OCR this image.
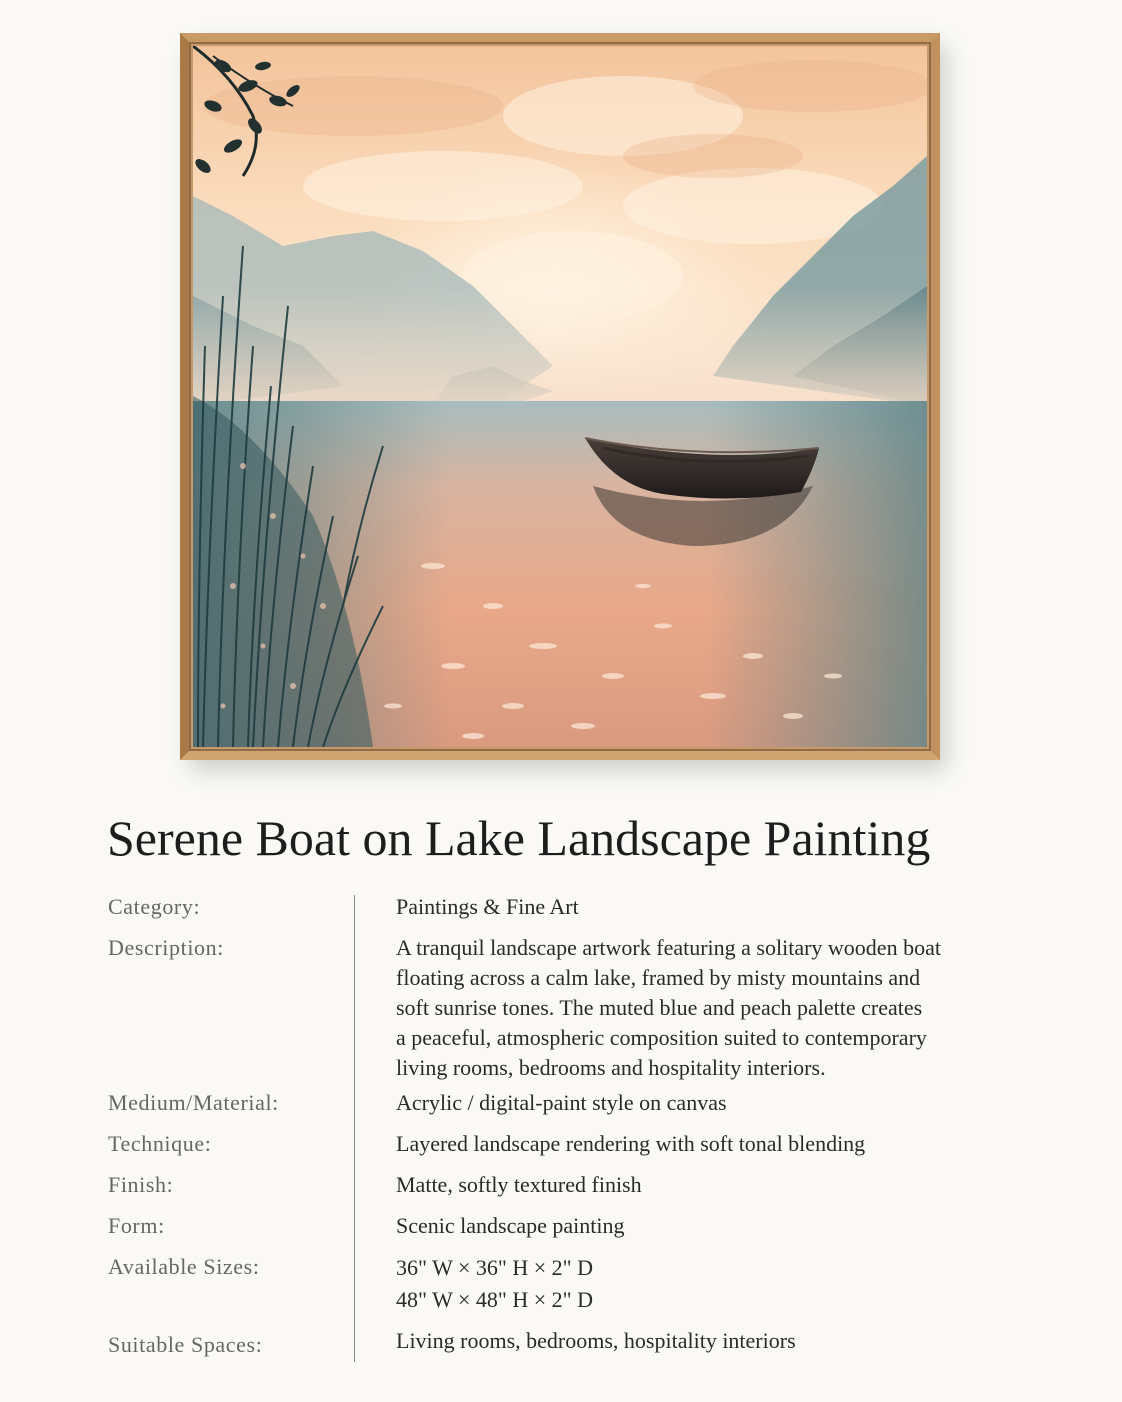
Serene Boat on Lake Landscape Painting
Category:	Paintings & Fine Art
Description:	A tranquil landscape artwork featuring a solitary wooden boat
floating across a calm lake, framed by misty mountains and
soft sunrise tones. The muted blue and peach palette creates
a peaceful, atmospheric composition suited to contemporary
living rooms, bedrooms and hospitality interiors.
Medium/Material:	Acrylic / digital-paint style on canvas
Technique:	Layered landscape rendering with soft tonal blending
Finish:	Matte, softly textured finish
Form:	Scenic landscape painting
Available Sizes:	36" W × 36" H × 2" D
48" W × 48" H × 2" D
Suitable Spaces:	Living rooms, bedrooms, hospitality interiors
